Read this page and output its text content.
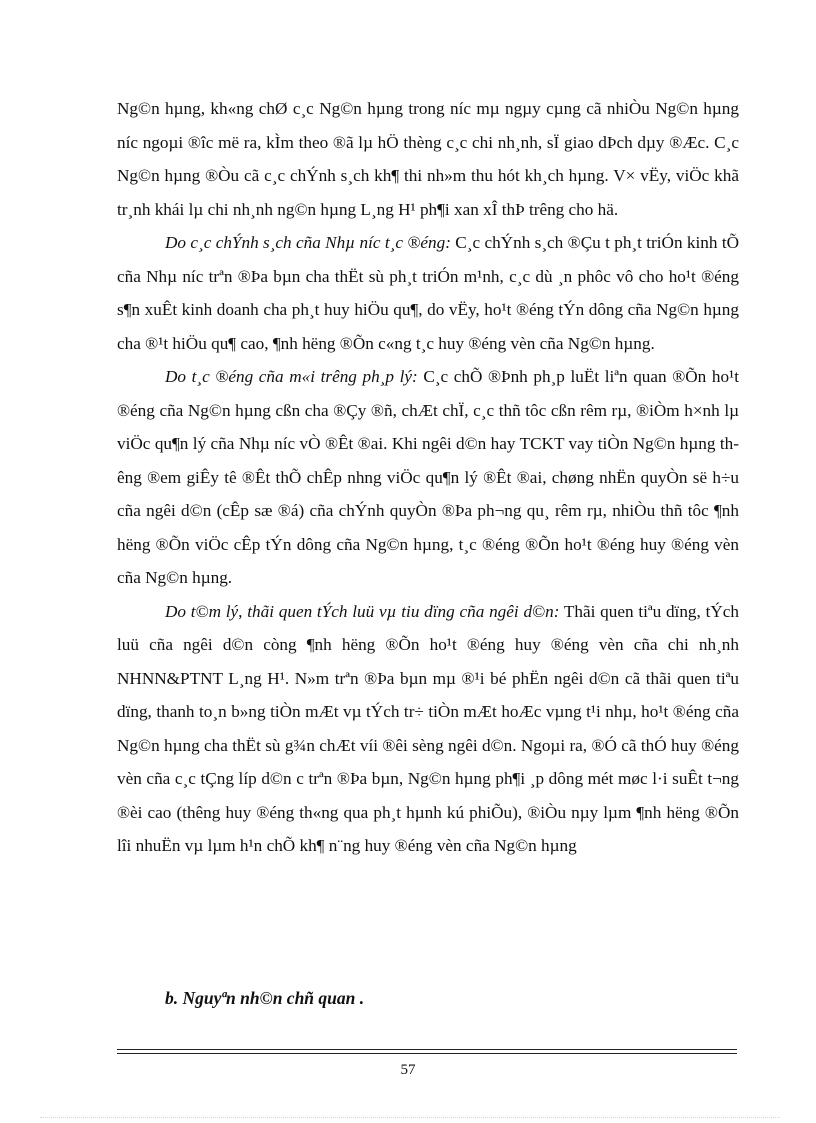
Ng©n hµng, kh«ng chØ c¸c Ng©n hµng trong níc mµ ngµy cµng cã nhiÒu Ng©n hµng níc ngoµi ®îc më ra, kÌm theo ®ã lµ hÖ thèng c¸c chi nh¸nh, sÏ giao dÞch dµy ®Æc. C¸c Ng©n hµng ®Òu cã c¸c chÝnh s¸ch kh¶ thi nh»m thu hót kh¸ch hµng. V× vËy, viÖc khã tr¸nh khái lµ chi nh¸nh ng©n hµng L¸ng H¹ ph¶i xan xÎ thÞ trêng cho hä.

Do c¸c chÝnh s¸ch cña Nhµ níc t¸c ®éng: C¸c chÝnh s¸ch ®Çu t ph¸t triÓn kinh tÕ cña Nhµ níc trªn ®Þa bµn cha thËt sù ph¸t triÓn m¹nh, c¸c dù ¸n phôc vô cho ho¹t ®éng s¶n xuÊt kinh doanh cha ph¸t huy hiÖu qu¶, do vËy, ho¹t ®éng tÝn dông cña Ng©n hµng cha ®¹t hiÖu qu¶ cao, ¶nh hëng ®Õn c«ng t¸c huy ®éng vèn cña Ng©n hµng.

Do t¸c ®éng cña m«i trêng ph¸p lý: C¸c chÕ ®Þnh ph¸p luËt liªn quan ®Õn ho¹t ®éng cña Ng©n hµng cßn cha ®Çy ®ñ, chÆt chÏ, c¸c thñ tôc cßn rêm rµ, ®iÒm h×nh lµ viÖc qu¶n lý cña Nhµ níc vÒ ®Êt ®ai. Khi ngêi d©n hay TCKT vay tiÒn Ng©n hµng thêng ®em giÊy tê ®Êt thÕ chÊp nhng viÖc qu¶n lý ®Êt ®ai, chøng nhËn quyÒn së h÷u cña ngêi d©n (cÊp sæ ®á) cña chÝnh quyÒn ®Þa ph¬ng qu¸ rêm rµ, nhiÒu thñ tôc ¶nh hëng ®Õn viÖc cÊp tÝn dông cña Ng©n hµng, t¸c ®éng ®Õn ho¹t ®éng huy ®éng vèn cña Ng©n hµng.

Do t©m lý, thãi quen tÝch luü vµ tiu dïng cña ngêi d©n: Thãi quen tiªu dïng, tÝch luü cña ngêi d©n còng ¶nh hëng ®Õn ho¹t ®éng huy ®éng vèn cña chi nh¸nh NHNN&PTNT L¸ng H¹. N»m trªn ®Þa bµn mµ ®¹i bé phËn ngêi d©n cã thãi quen tiªu dïng, thanh to¸n b»ng tiÒn mÆt vµ tÝch tr÷ tiÒn mÆt hoÆc vµng t¹i nhµ, ho¹t ®éng cña Ng©n hµng cha thËt sù g¾n chÆt víi ®êi sèng ngêi d©n. Ngoµi ra, ®Ó cã thÓ huy ®éng vèn cña c¸c tÇng líp d©n c trªn ®Þa bµn, Ng©n hµng ph¶i ¸p dông mét møc l·i suÊt t¬ng ®èi cao (thêng huy ®éng th«ng qua ph¸t hµnh kú phiÕu), ®iÒu nµy lµm ¶nh hëng ®Õn lîi nhuËn vµ lµm h¹n chÕ kh¶ n¨ng huy ®éng vèn cña Ng©n hµng

b. Nguyªn nh©n chñ quan .

57
